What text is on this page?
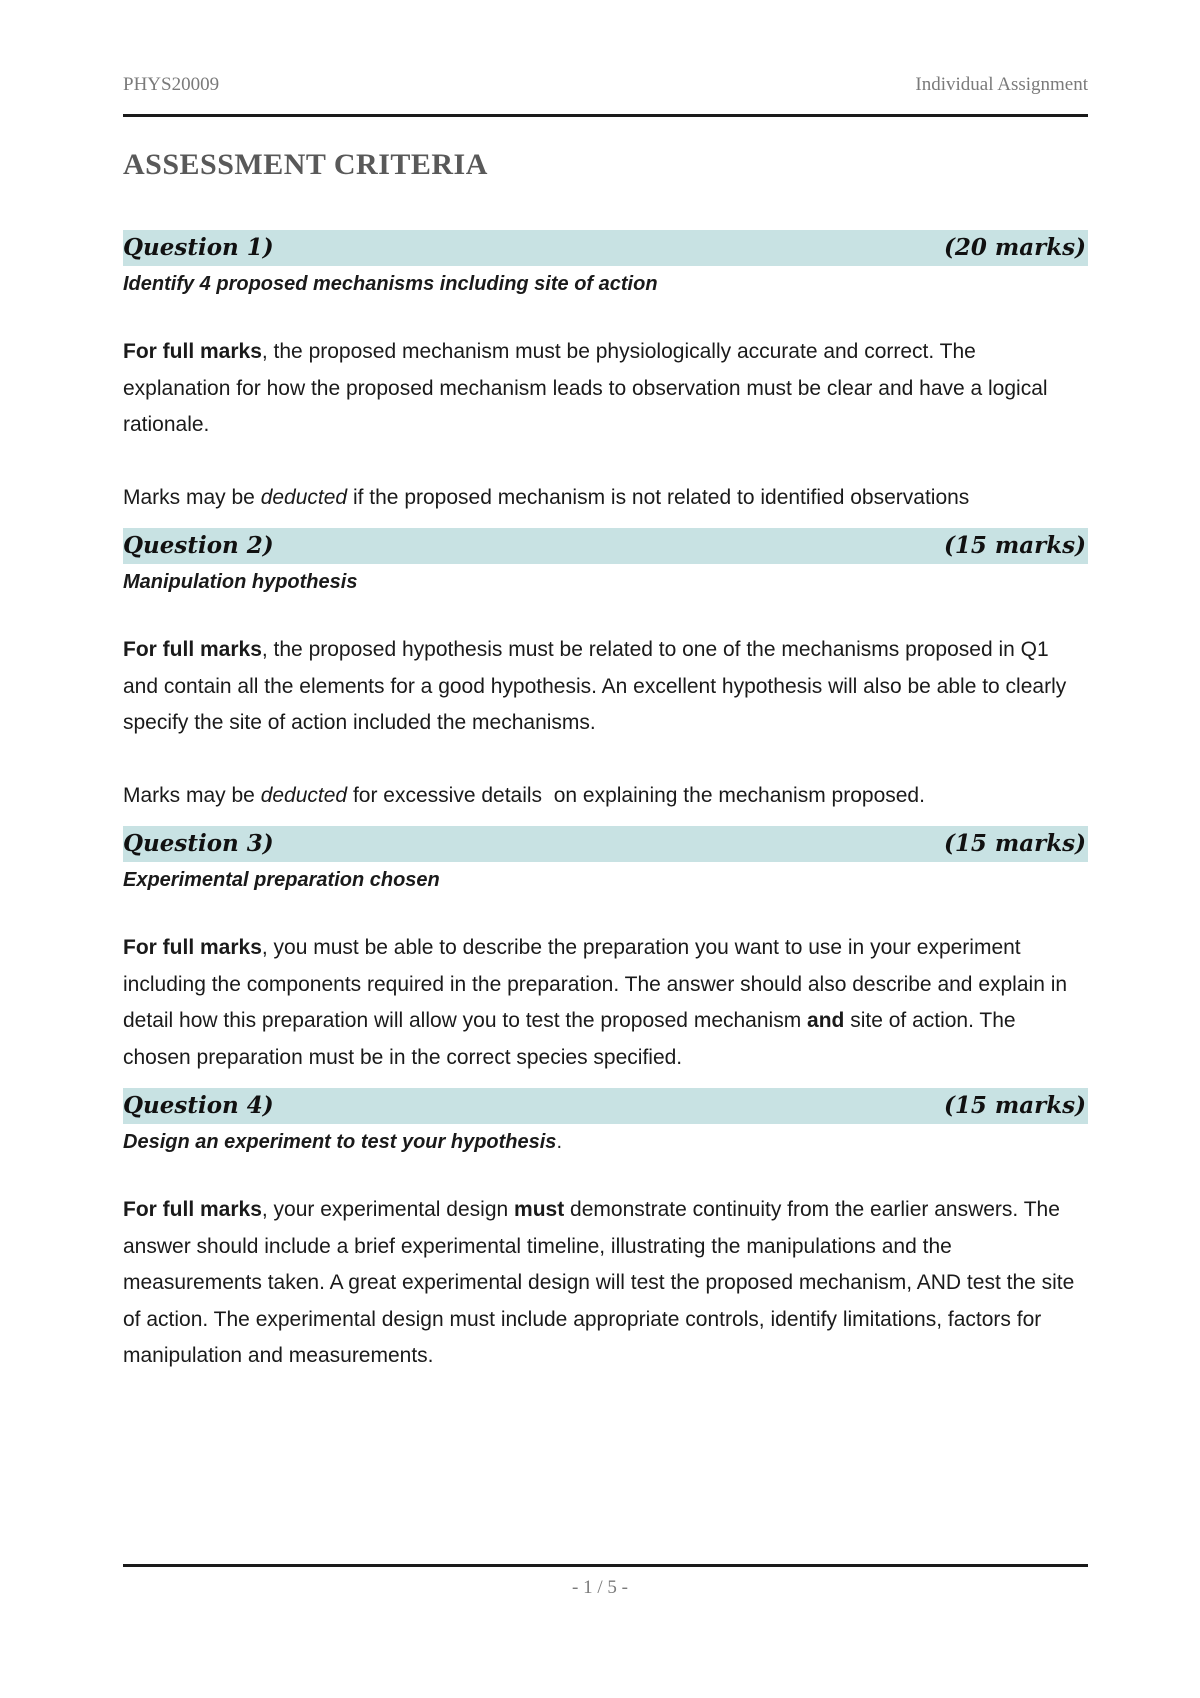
PHYS20009	Individual Assignment
ASSESSMENT CRITERIA
Question 1)	(20 marks)

Identify 4 proposed mechanisms including site of action

For full marks, the proposed mechanism must be physiologically accurate and correct. The explanation for how the proposed mechanism leads to observation must be clear and have a logical rationale.

Marks may be deducted if the proposed mechanism is not related to identified observations

Question 2)	(15 marks)

Manipulation hypothesis

For full marks, the proposed hypothesis must be related to one of the mechanisms proposed in Q1 and contain all the elements for a good hypothesis. An excellent hypothesis will also be able to clearly specify the site of action included the mechanisms.

Marks may be deducted for excessive details  on explaining the mechanism proposed.

Question 3)	(15 marks)

Experimental preparation chosen

For full marks, you must be able to describe the preparation you want to use in your experiment including the components required in the preparation. The answer should also describe and explain in detail how this preparation will allow you to test the proposed mechanism and site of action. The chosen preparation must be in the correct species specified.

Question 4)	(15 marks)

Design an experiment to test your hypothesis.

For full marks, your experimental design must demonstrate continuity from the earlier answers. The answer should include a brief experimental timeline, illustrating the manipulations and the measurements taken. A great experimental design will test the proposed mechanism, AND test the site of action. The experimental design must include appropriate controls, identify limitations, factors for manipulation and measurements.

- 1 / 5 -
